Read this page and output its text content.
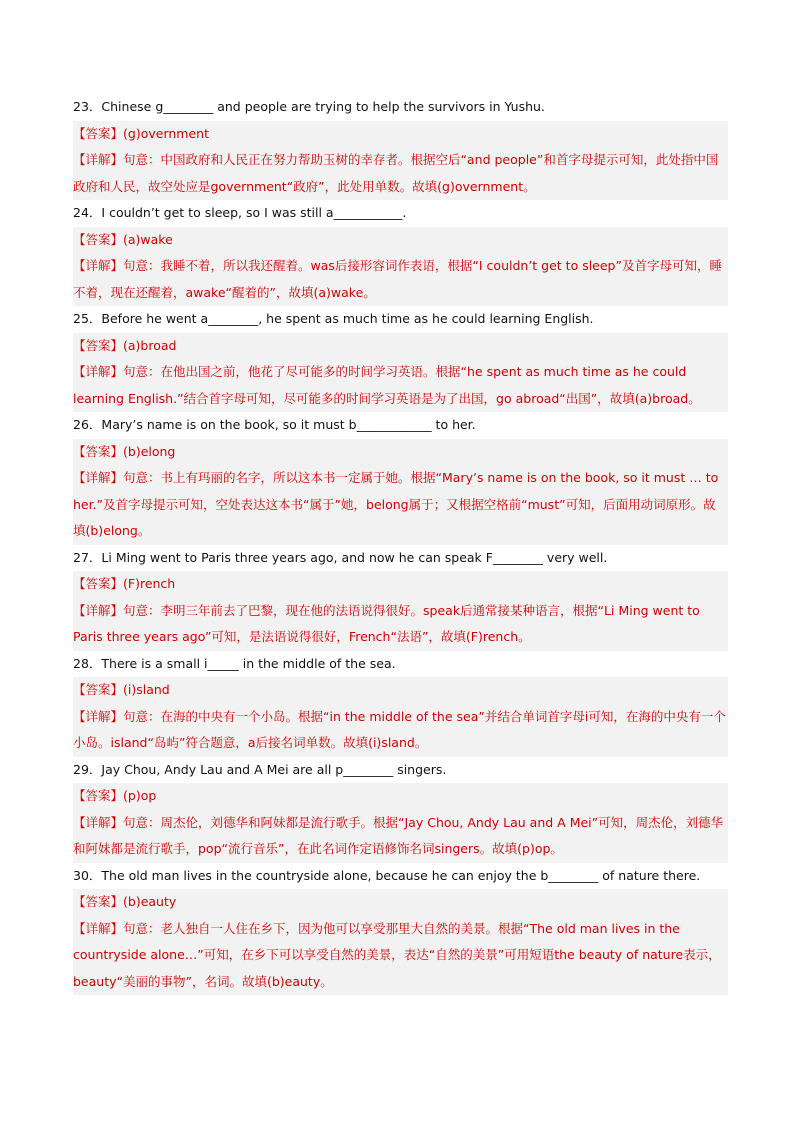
23．Chinese g________ and people are trying to help the survivors in Yushu.
【答案】(g)overnment
【详解】句意：中国政府和人民正在努力帮助玉树的幸存者。根据空后“and people”和首字母提示可知，此处指中国政府和人民，故空处应是government“政府”，此处用单数。故填(g)overnment。
24．I couldn’t get to sleep, so I was still a___________.
【答案】(a)wake
【详解】句意：我睡不着，所以我还醒着。was后接形容词作表语，根据“I couldn’t get to sleep”及首字母可知，睡不着，现在还醒着，awake“醒着的”，故填(a)wake。
25．Before he went a________, he spent as much time as he could learning English.
【答案】(a)broad
【详解】句意：在他出国之前，他花了尽可能多的时间学习英语。根据“he spent as much time as he could learning English.”结合首字母可知，尽可能多的时间学习英语是为了出国，go abroad“出国”，故填(a)broad。
26．Mary’s name is on the book, so it must b____________ to her.
【答案】(b)elong
【详解】句意：书上有玛丽的名字，所以这本书一定属于她。根据“Mary’s name is on the book, so it must … to her.”及首字母提示可知，空处表达这本书“属于”她，belong属于；又根据空格前“must”可知，后面用动词原形。故填(b)elong。
27．Li Ming went to Paris three years ago, and now he can speak F________ very well.
【答案】(F)rench
【详解】句意：李明三年前去了巴黎，现在他的法语说得很好。speak后通常接某种语言，根据“Li Ming went to Paris three years ago”可知，是法语说得很好，French“法语”，故填(F)rench。
28．There is a small i_____ in the middle of the sea.
【答案】(i)sland
【详解】句意：在海的中央有一个小岛。根据“in the middle of the sea”并结合单词首字母i可知，在海的中央有一个小岛。island“岛屿”符合题意，a后接名词单数。故填(i)sland。
29．Jay Chou, Andy Lau and A Mei are all p________ singers.
【答案】(p)op
【详解】句意：周杰伦，刘德华和阿妹都是流行歌手。根据“Jay Chou, Andy Lau and A Mei”可知，周杰伦，刘德华和阿妹都是流行歌手，pop“流行音乐”，在此名词作定语修饰名词singers。故填(p)op。
30．The old man lives in the countryside alone, because he can enjoy the b________ of nature there.
【答案】(b)eauty
【详解】句意：老人独自一人住在乡下，因为他可以享受那里大自然的美景。根据“The old man lives in the countryside alone…”可知，在乡下可以享受自然的美景，表达“自然的美景”可用短语the beauty of nature表示，beauty“美丽的事物”，名词。故填(b)eauty。
